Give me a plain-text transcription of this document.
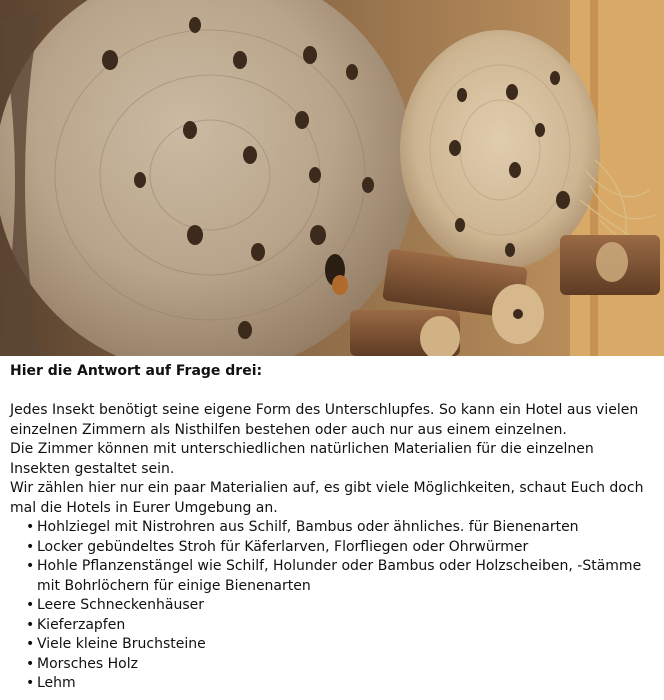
Hier die Antwort auf Frage drei:

Jedes Insekt benötigt seine eigene Form des Unterschlupfes. So kann ein Hotel aus vielen einzelnen Zimmern als Nisthilfen bestehen oder auch nur aus einem einzelnen.

Die Zimmer können mit unterschiedlichen natürlichen Materialien für die einzelnen Insekten gestaltet sein.

Wir zählen hier nur ein paar Materialien auf, es gibt viele Möglichkeiten, schaut Euch doch mal die Hotels in Eurer Umgebung an.

• Hohlziegel mit Nistrohren aus Schilf, Bambus oder ähnliches. für Bienenarten
• Locker gebündeltes Stroh für Käferlarven, Florfliegen oder Ohrwürmer
• Hohle Pflanzenstängel wie Schilf, Holunder oder Bambus oder Holzscheiben, -Stämme mit Bohrlöchern für einige Bienenarten
• Leere Schneckenhäuser
• Kieferzapfen
• Viele kleine Bruchsteine
• Morsches Holz
• Lehm
